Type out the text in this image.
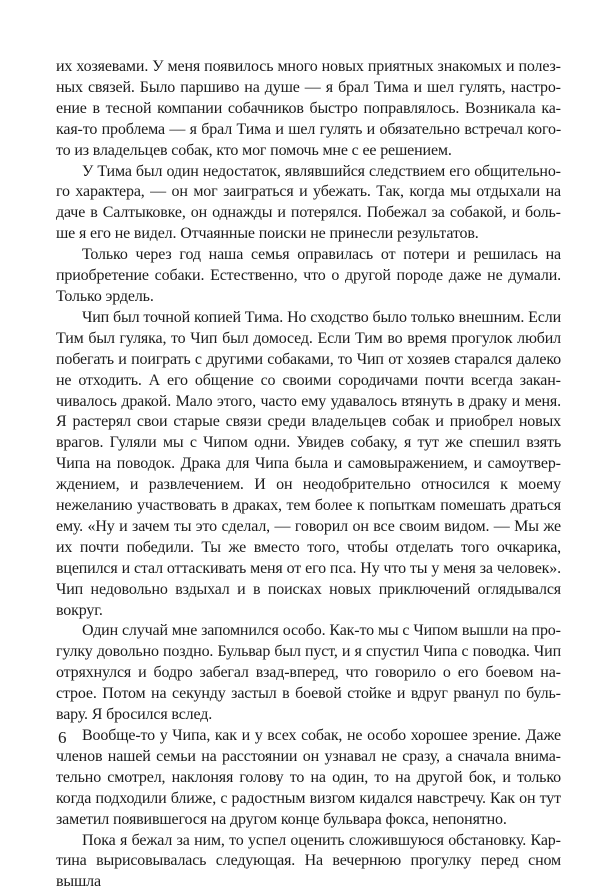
их хозяевами. У меня появилось много новых приятных знакомых и полезных связей. Было паршиво на душе — я брал Тима и шел гулять, настроение в тесной компании собачников быстро поправлялось. Возникала какая-то проблема — я брал Тима и шел гулять и обязательно встречал кого-то из владельцев собак, кто мог помочь мне с ее решением.

У Тима был один недостаток, являвшийся следствием его общительного характера, — он мог заиграться и убежать. Так, когда мы отдыхали на даче в Салтыковке, он однажды и потерялся. Побежал за собакой, и больше я его не видел. Отчаянные поиски не принесли результатов.

Только через год наша семья оправилась от потери и решилась на приобретение собаки. Естественно, что о другой породе даже не думали. Только эрдель.

Чип был точной копией Тима. Но сходство было только внешним. Если Тим был гуляка, то Чип был домосед. Если Тим во время прогулок любил побегать и поиграть с другими собаками, то Чип от хозяев старался далеко не отходить. А его общение со своими сородичами почти всегда заканчивалось дракой. Мало этого, часто ему удавалось втянуть в драку и меня. Я растерял свои старые связи среди владельцев собак и приобрел новых врагов. Гуляли мы с Чипом одни. Увидев собаку, я тут же спешил взять Чипа на поводок. Драка для Чипа была и самовыражением, и самоутверждением, и развлечением. И он неодобрительно относился к моему нежеланию участвовать в драках, тем более к попыткам помешать драться ему. «Ну и зачем ты это сделал, — говорил он все своим видом. — Мы же их почти победили. Ты же вместо того, чтобы отделать того очкарика, вцепился и стал оттаскивать меня от его пса. Ну что ты у меня за человек». Чип недовольно вздыхал и в поисках новых приключений оглядывался вокруг.

Один случай мне запомнился особо. Как-то мы с Чипом вышли на прогулку довольно поздно. Бульвар был пуст, и я спустил Чипа с поводка. Чип отряхнулся и бодро забегал взад-вперед, что говорило о его боевом настрое. Потом на секунду застыл в боевой стойке и вдруг рванул по бульвару. Я бросился вслед.

Вообще-то у Чипа, как и у всех собак, не особо хорошее зрение. Даже членов нашей семьи на расстоянии он узнавал не сразу, а сначала внимательно смотрел, наклоняя голову то на один, то на другой бок, и только когда подходили ближе, с радостным визгом кидался навстречу. Как он тут заметил появившегося на другом конце бульвара фокса, непонятно.

Пока я бежал за ним, то успел оценить сложившуюся обстановку. Картина вырисовывалась следующая. На вечернюю прогулку перед сном вышла

6
